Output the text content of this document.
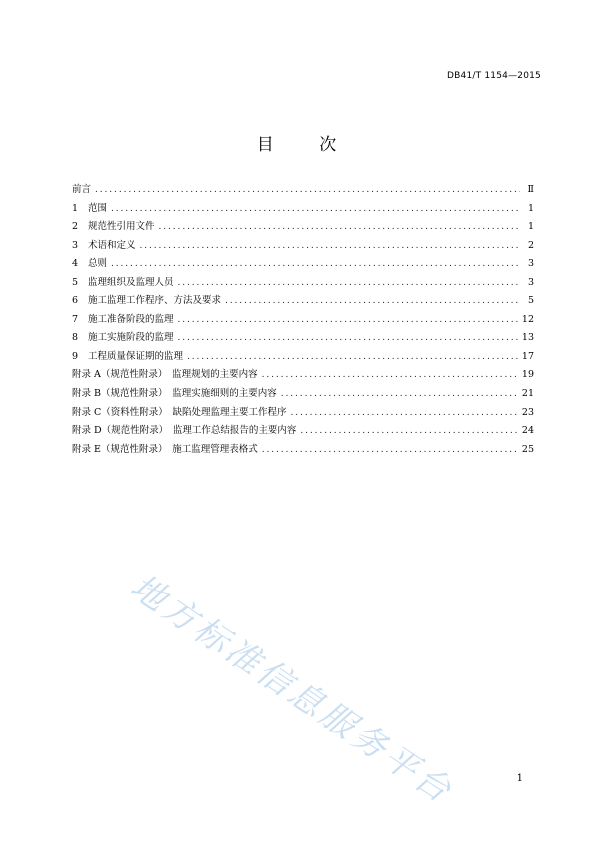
DB41/T 1154—2015
目 次
前言 .....	Ⅱ
1	范围 .....	1
2	规范性引用文件 .....	1
3	术语和定义 .....	2
4	总则 .....	3
5	监理组织及监理人员 .....	3
6	施工监理工作程序、方法及要求 .....	5
7	施工准备阶段的监理 .....	12
8	施工实施阶段的监理 .....	13
9	工程质量保证期的监理 .....	17
附录 A（规范性附录）　监理规划的主要内容 .....	19
附录 B（规范性附录）　监理实施细则的主要内容 .....	21
附录 C（资料性附录）　缺陷处理监理主要工作程序 .....	23
附录 D（规范性附录）　监理工作总结报告的主要内容 .....	24
附录 E（规范性附录）　施工监理管理表格式 .....	25
地方标准信息服务平台	1
